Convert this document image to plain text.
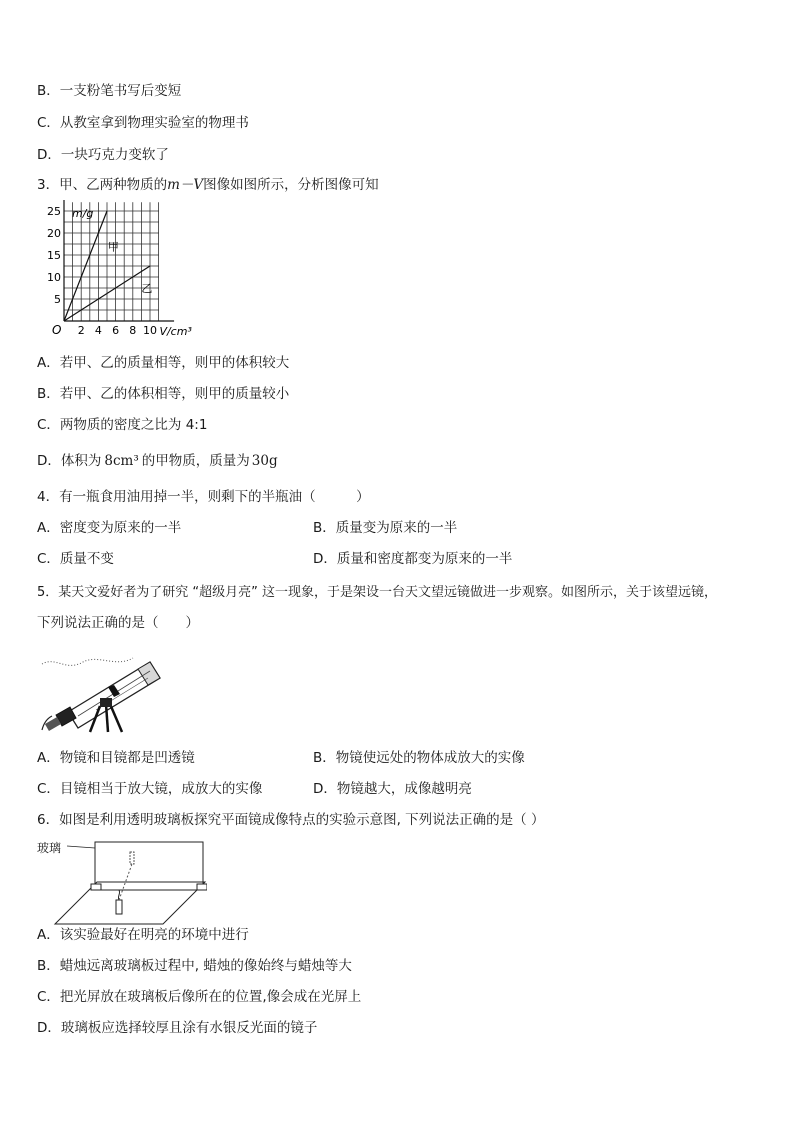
B．一支粉笔书写后变短
C．从教室拿到物理实验室的物理书
D．一块巧克力变软了
3．甲、乙两种物质的m－V图像如图所示，分析图像可知
2 4 6 8 10
5
10
15
20
25 m/g
V/cm³
O
甲
乙
A．若甲、乙的质量相等，则甲的体积较大
B．若甲、乙的体积相等，则甲的质量较小
C．两物质的密度之比为 4:1
D．体积为 8cm³ 的甲物质，质量为 30g
4．有一瓶食用油用掉一半，则剩下的半瓶油（　　　）
A．密度变为原来的一半	B．质量变为原来的一半
C．质量不变	D．质量和密度都变为原来的一半
5．某天文爱好者为了研究 “超级月亮” 这一现象，于是架设一台天文望远镜做进一步观察。如图所示，关于该望远镜，
下列说法正确的是（　　）
A．物镜和目镜都是凹透镜	B．物镜使远处的物体成放大的实像
C．目镜相当于放大镜，成放大的实像	D．物镜越大，成像越明亮
6．如图是利用透明玻璃板探究平面镜成像特点的实验示意图, 下列说法正确的是（ ）
玻璃
A．该实验最好在明亮的环境中进行
B．蜡烛远离玻璃板过程中, 蜡烛的像始终与蜡烛等大
C．把光屏放在玻璃板后像所在的位置,像会成在光屏上
D．玻璃板应选择较厚且涂有水银反光面的镜子
